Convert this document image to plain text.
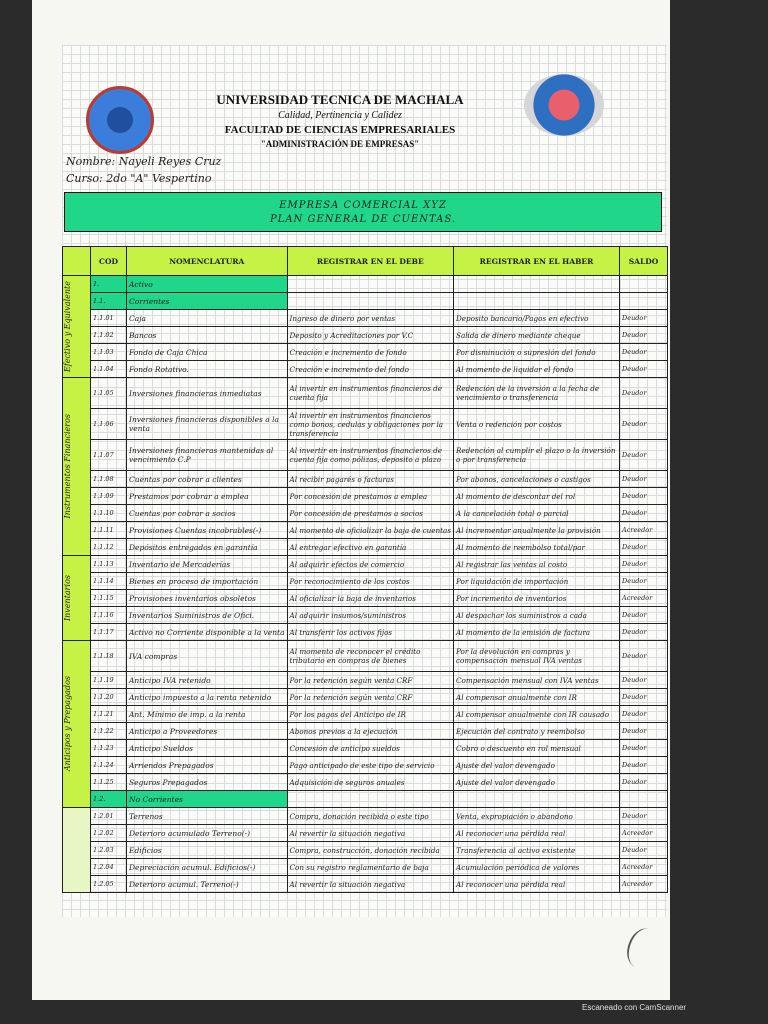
UNIVERSIDAD TECNICA DE MACHALA
Calidad, Pertinencia y Calidez
FACULTAD DE CIENCIAS EMPRESARIALES
"ADMINISTRACIÓN DE EMPRESAS"
Nombre: Nayeli Reyes Cruz
Curso: 2do "A" Vespertino
EMPRESA COMERCIAL XYZ
PLAN GENERAL DE CUENTAS.
	COD	NOMENCLATURA	REGISTRAR EN EL DEBE	REGISTRAR EN EL HABER	SALDO

Efectivo y Equivalente	1.	Activo			
	1.1.	Corrientes			
	1.1.01	Caja	Ingreso de dinero por ventas	Deposito bancario/Pagos en efectivo	Deudor
	1.1.02	Bancos	Deposito y Acreditaciones por V.C	Salida de dinero mediante cheque	Deudor
	1.1.03	Fondo de Caja Chica	Creación e incremento de fondo	Por disminución o supresión del fondo	Deudor
	1.1.04	Fondo Rotativo.	Creación e incremento del fondo	Al momento de liquidar el fondo	Deudor

Instrumentos Financieros	1.1.05	Inversiones financieras inmediatas	Al invertir en instrumentos financieros de cuenta fija	Redención de la inversión a la fecha de vencimiento o transferencia	Deudor
	1.1.06	Inversiones financieras disponibles a la venta	Al invertir en instrumentos financieros como bonos, cedulas y obligaciones por la transferencia	Venta o redención por costos	Deudor
	1.1.07	Inversiones financieras mantenidas al vencimiento C.P	Al invertir en instrumentos financieros de cuenta fija como pólizas, deposito a plazo	Redención al cumplir el plazo o la inversión o por transferencia	Deudor
	1.1.08	Cuentas por cobrar a clientes	Al recibir pagarés o facturas	Por abonos, cancelaciones o castigos	Deudor
	1.1.09	Prestamos por cobrar a emplea	Por concesión de prestamos a emplea	Al momento de descontar del rol	Deudor
	1.1.10	Cuentas por cobrar a socios	Por concesión de prestamos a socios	A la cancelación total o parcial	Deudor
	1.1.11	Provisiones Cuentas incobrables(-)	Al momento de oficializar la baja de cuentas	Al incrementar anualmente la provisión	Acreedor
	1.1.12	Depósitos entregados en garantía	Al entregar efectivo en garantía	Al momento de reembolso total/par	Deudor

Inventarios	1.1.13	Inventario de Mercaderías	Al adquirir efectos de comercio	Al registrar las ventas al costo	Deudor
	1.1.14	Bienes en proceso de importación	Por reconocimiento de los costos	Por liquidación de importación	Deudor
	1.1.15	Provisiones inventarios obsoletos	Al oficializar la baja de inventarios	Por incremento de inventarios	Acreedor
	1.1.16	Inventarios Suministros de Ofici.	Al adquirir insumos/suministros	Al despachar los suministros a cada	Deudor
	1.1.17	Activo no Corriente disponible a la venta	Al transferir los activos fijos	Al momento de la emisión de factura	Deudor

Anticipos y Prepagados	1.1.18	IVA compras	Al momento de reconocer el crédito tributario en compras de bienes	Por la devolución en compras y compensación mensual IVA ventas	Deudor
	1.1.19	Anticipo IVA retenido	Por la retención según venta CRF	Compensación mensual con IVA ventas	Deudor
	1.1.20	Anticipo impuesto a la renta retenido	Por la retención según venta CRF	Al compensar anualmente con IR	Deudor
	1.1.21	Ant. Mínimo de imp. a la renta	Por los pagos del Anticipo de IR	Al compensar anualmente con IR causado	Deudor
	1.1.22	Anticipo a Proveedores	Abonos previos a la ejecución	Ejecución del contrato y reembolso	Deudor
	1.1.23	Anticipo Sueldos	Concesión de anticipo sueldos	Cobro o descuento en rol mensual	Deudor
	1.1.24	Arriendos Prepagados	Pago anticipado de este tipo de servicio	Ajuste del valor devengado	Deudor
	1.1.25	Seguros Prepagados	Adquisición de seguros anuales	Ajuste del valor devengado	Deudor
	1.2.	No Corrientes			

	1.2.01	Terrenos	Compra, donación recibida o este tipo	Venta, expropiación o abandono	Deudor
	1.2.02	Deterioro acumulado Terreno(-)	Al revertir la situación negativa	Al reconocer una pérdida real	Acreedor
	1.2.03	Edificios	Compra, construcción, donación recibida	Transferencia al activo existente	Deudor
	1.2.04	Depreciación acumul. Edificios(-)	Con su registro reglamentario de baja	Acumulación periódica de valores	Acreedor
	1.2.05	Deterioro acumul. Terreno(-)	Al revertir la situación negativa	Al reconocer una pérdida real	Acreedor
Escaneado con CamScanner
